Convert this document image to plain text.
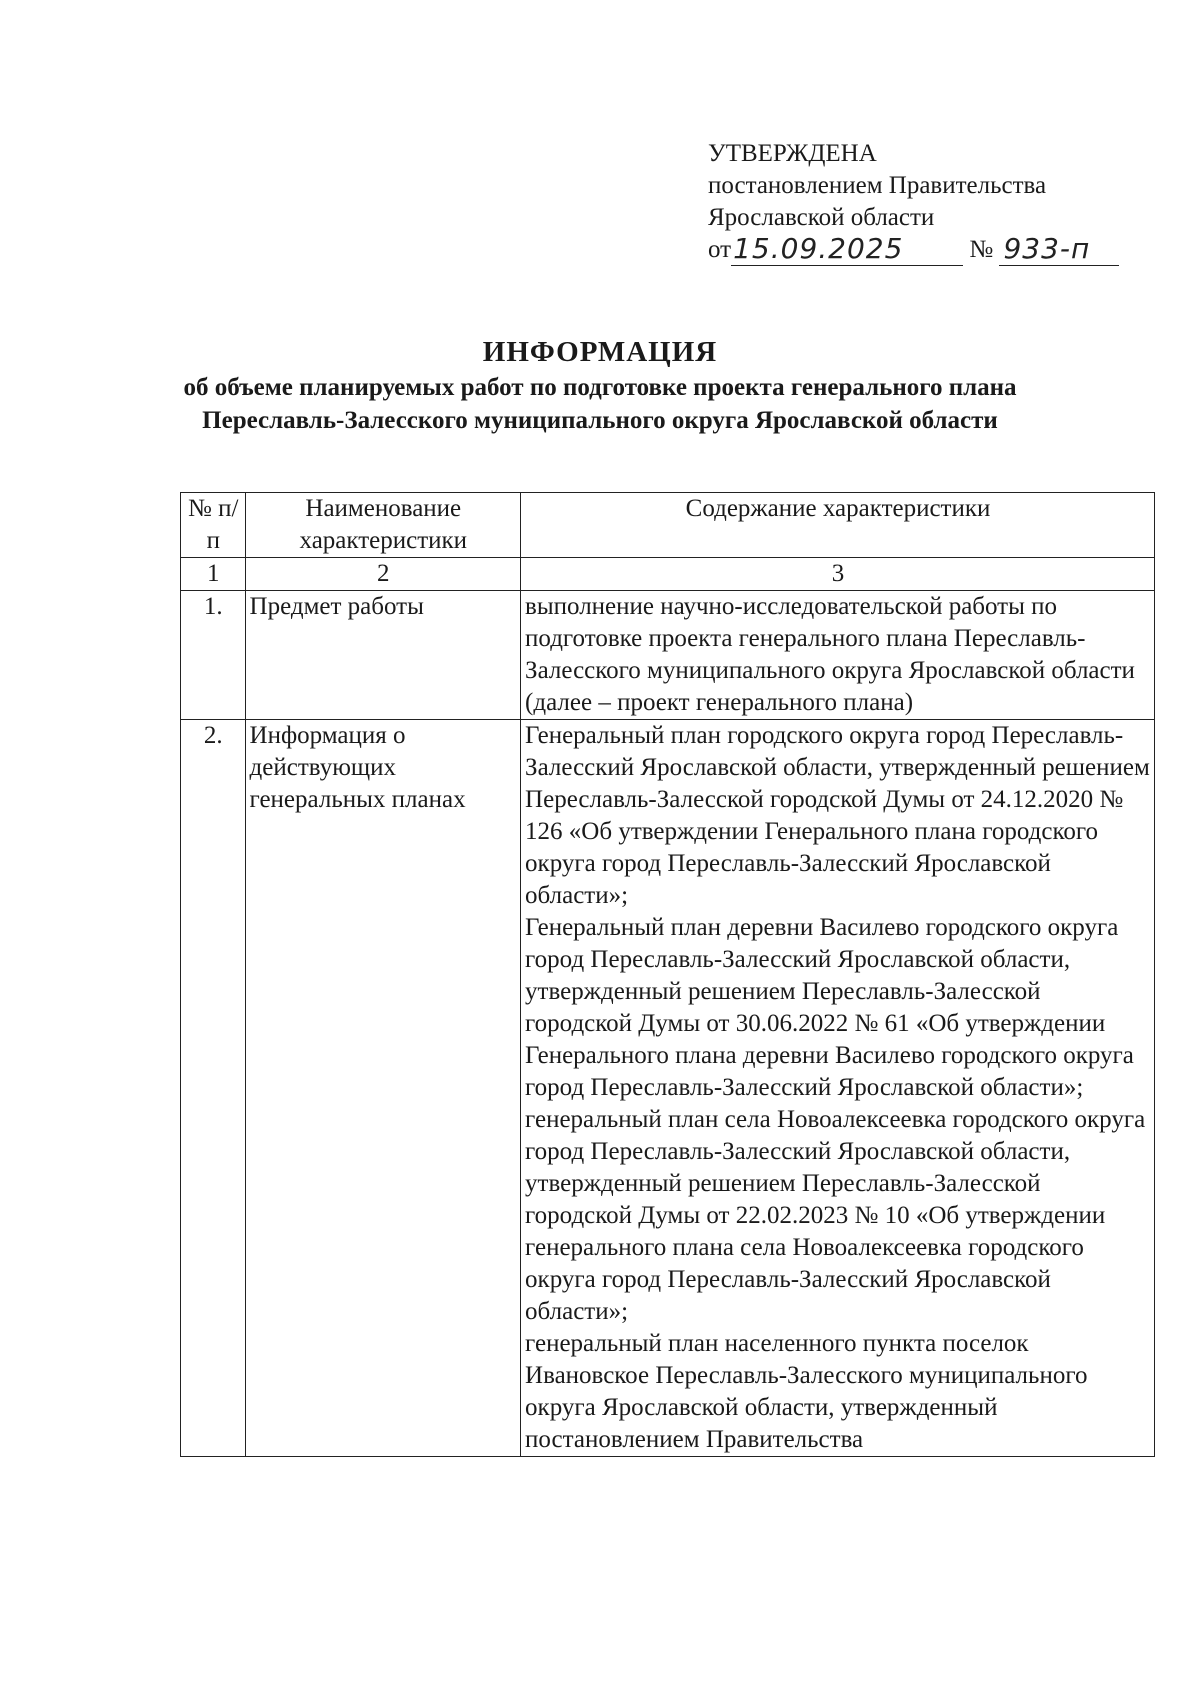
УТВЕРЖДЕНА
постановлением Правительства
Ярославской области
от 15.09.2025	№ 933-п
ИНФОРМАЦИЯ
об объеме планируемых работ по подготовке проекта генерального плана Переславль-Залесского муниципального округа Ярославской области
№ п/п	Наименование характеристики	Содержание характеристики
1	2	3
1.	Предмет работы	выполнение научно-исследовательской работы по подготовке проекта генерального плана Переславль-Залесского муниципального округа Ярославской области (далее – проект генерального плана)
2.	Информация о действующих генеральных планах	Генеральный план городского округа город Переславль-Залесский Ярославской области, утвержденный решением Переславль-Залесской городской Думы от 24.12.2020 № 126 «Об утверждении Генерального плана городского округа город Переславль-Залесский Ярославской области»;
Генеральный план деревни Василево городского округа город Переславль-Залесский Ярославской области, утвержденный решением Переславль-Залесской городской Думы от 30.06.2022 № 61 «Об утверждении Генерального плана деревни Василево городского округа город Переславль-Залесский Ярославской области»;
генеральный план села Новоалексеевка городского округа город Переславль-Залесский Ярославской области, утвержденный решением Переславль-Залесской городской Думы от 22.02.2023 № 10 «Об утверждении генерального плана села Новоалексеевка городского округа город Переславль-Залесский Ярославской области»;
генеральный план населенного пункта поселок Ивановское Переславль-Залесского муниципального округа Ярославской области, утвержденный постановлением Правительства
